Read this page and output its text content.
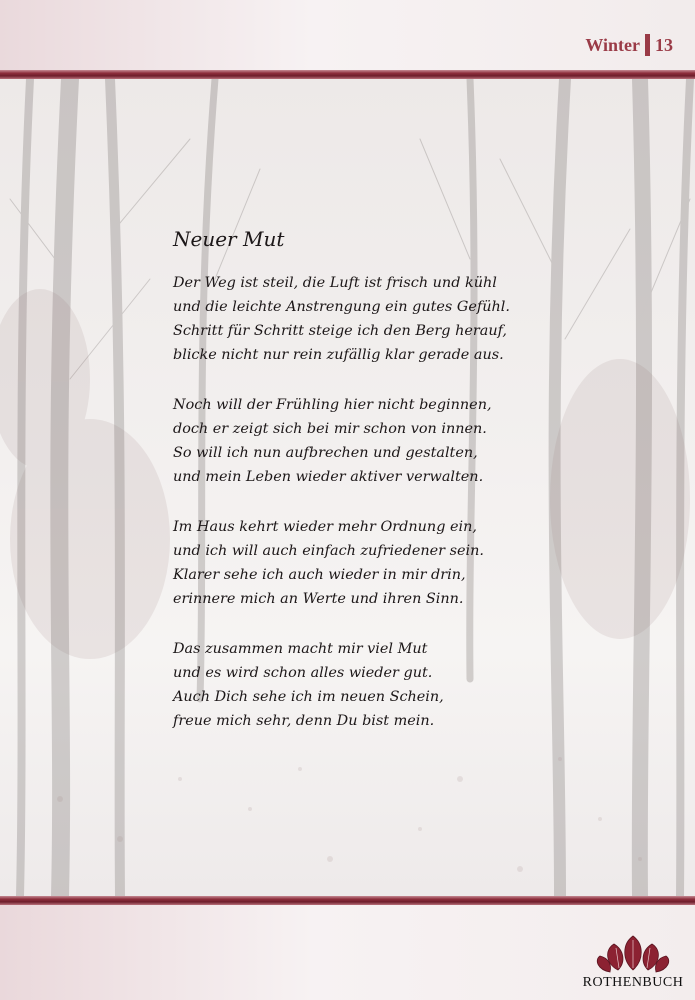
Winter 13
Neuer Mut
Der Weg ist steil, die Luft ist frisch und kühl
und die leichte Anstrengung ein gutes Gefühl.
Schritt für Schritt steige ich den Berg herauf,
blicke nicht nur rein zufällig klar gerade aus.
Noch will der Frühling hier nicht beginnen,
doch er zeigt sich bei mir schon von innen.
So will ich nun aufbrechen und gestalten,
und mein Leben wieder aktiver verwalten.
Im Haus kehrt wieder mehr Ordnung ein,
und ich will auch einfach zufriedener sein.
Klarer sehe ich auch wieder in mir drin,
erinnere mich an Werte und ihren Sinn.
Das zusammen macht mir viel Mut
und es wird schon alles wieder gut.
Auch Dich sehe ich im neuen Schein,
freue mich sehr, denn Du bist mein.
ROTHENBUCH
